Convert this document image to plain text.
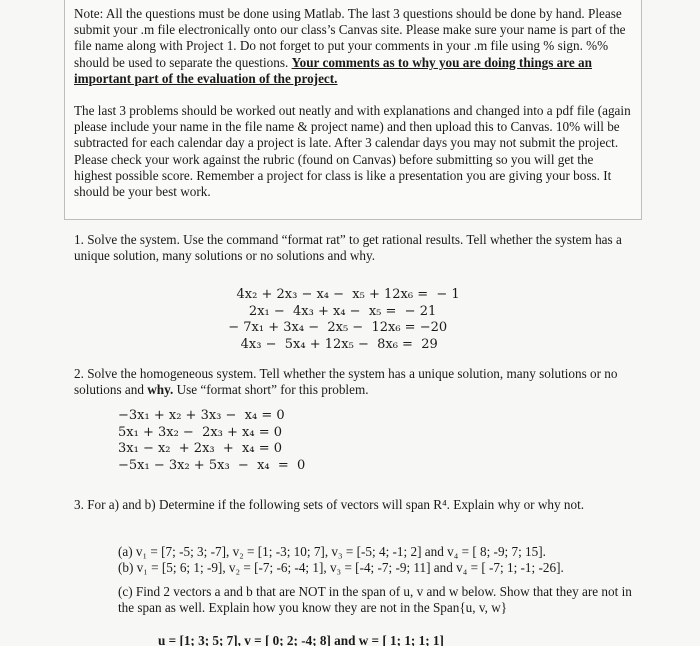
Note: All the questions must be done using Matlab. The last 3 questions should be done by hand. Please submit your .m file electronically onto our class’s Canvas site. Please make sure your name is part of the file name along with Project 1. Do not forget to put your comments in your .m file using % sign. %% should be used to separate the questions. Your comments as to why you are doing things are an important part of the evaluation of the project.
The last 3 problems should be worked out neatly and with explanations and changed into a pdf file (again please include your name in the file name & project name) and then upload this to Canvas. 10% will be subtracted for each calendar day a project is late. After 3 calendar days you may not submit the project. Please check your work against the rubric (found on Canvas) before submitting so you will get the highest possible score. Remember a project for class is like a presentation you are giving your boss. It should be your best work.
1. Solve the system. Use the command “format rat” to get rational results. Tell whether the system has a unique solution, many solutions or no solutions and why.
4x₂ + 2x₃ − x₄ −  x₅ + 12x₆ =  − 1
2x₁ −  4x₃ + x₄ −  x₅ =  − 21
− 7x₁ + 3x₄ −  2x₅ −  12x₆ = −20
4x₃ −  5x₄ + 12x₅ −  8x₆ =  29
2. Solve the homogeneous system. Tell whether the system has a unique solution, many solutions or no solutions and why. Use “format short” for this problem.
−3x₁ + x₂ + 3x₃ −  x₄ = 0
5x₁ + 3x₂ −  2x₃ + x₄ = 0
3x₁ − x₂  + 2x₃  +  x₄ = 0
−5x₁ − 3x₂ + 5x₃  −  x₄  =  0
3. For a) and b) Determine if the following sets of vectors will span R⁴. Explain why or why not.
(a) v₁ = [7; -5; 3; -7], v₂ = [1; -3; 10; 7], v₃ = [-5; 4; -1; 2] and v₄ = [ 8; -9; 7; 15].
(b) v₁ = [5; 6; 1; -9], v₂ = [-7; -6; -4; 1], v₃ = [-4; -7; -9; 11] and v₄ = [ -7; 1; -1; -26].
(c) Find 2 vectors a and b that are NOT in the span of u, v and w below. Show that they are not in the span as well. Explain how you know they are not in the Span{u, v, w}
u = [1; 3; 5; 7], v = [ 0; 2; -4; 8] and w = [ 1; 1; 1; 1]
